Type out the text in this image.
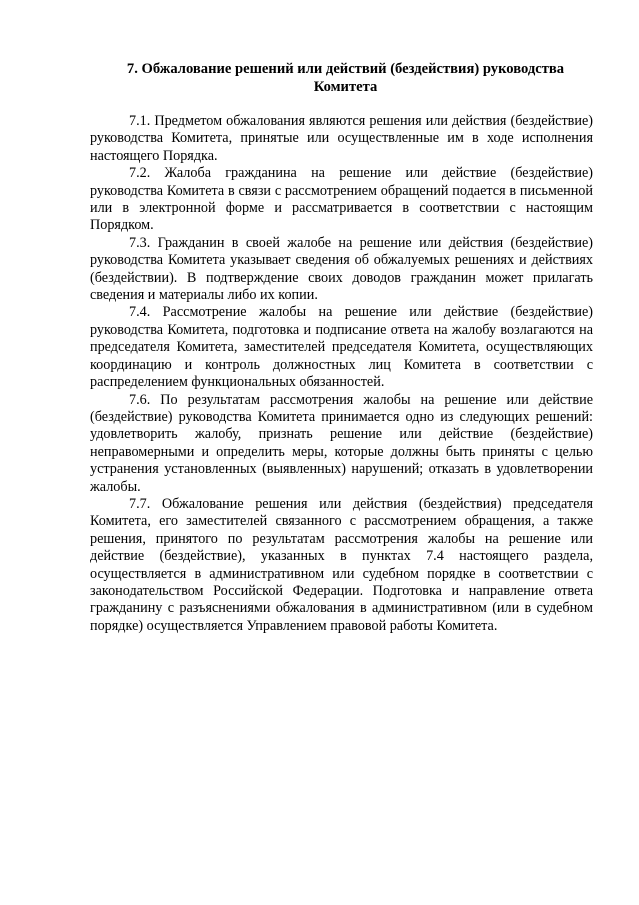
7. Обжалование решений или действий (бездействия) руководства
Комитета

7.1. Предметом обжалования являются решения или действия (бездействие) руководства Комитета, принятые или осуществленные им в ходе исполнения настоящего Порядка.

7.2. Жалоба гражданина на решение или действие (бездействие) руководства Комитета в связи с рассмотрением обращений подается в письменной или в электронной форме и рассматривается в соответствии с настоящим Порядком.

7.3. Гражданин в своей жалобе на решение или действия (бездействие) руководства Комитета указывает сведения об обжалуемых решениях и действиях (бездействии). В подтверждение своих доводов гражданин может прилагать сведения и материалы либо их копии.

7.4. Рассмотрение жалобы на решение или действие (бездействие) руководства Комитета, подготовка и подписание ответа на жалобу возлагаются на председателя Комитета, заместителей председателя Комитета, осуществляющих координацию и контроль должностных лиц Комитета в соответствии с распределением функциональных обязанностей.

7.6. По результатам рассмотрения жалобы на решение или действие (бездействие) руководства Комитета принимается одно из следующих решений: удовлетворить жалобу, признать решение или действие (бездействие) неправомерными и определить меры, которые должны быть приняты с целью устранения установленных (выявленных) нарушений; отказать в удовлетворении жалобы.

7.7. Обжалование решения или действия (бездействия) председателя Комитета, его заместителей связанного с рассмотрением обращения, а также решения, принятого по результатам рассмотрения жалобы на решение или действие (бездействие), указанных в пунктах 7.4 настоящего раздела, осуществляется в административном или судебном порядке в соответствии с законодательством Российской Федерации. Подготовка и направление ответа гражданину с разъяснениями обжалования в административном (или в судебном порядке) осуществляется Управлением правовой работы Комитета.
